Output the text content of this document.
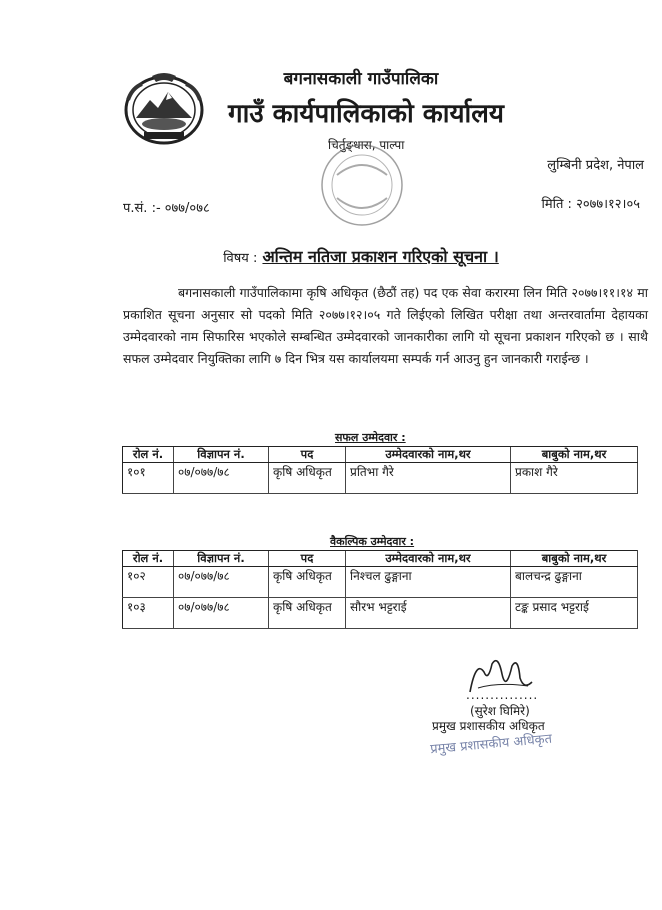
बगनासकाली गाउँपालिका
गाउँ कार्यपालिकाको कार्यालय
चिर्तुङ्धारा, पाल्पा
लुम्बिनी प्रदेश, नेपाल
प.सं. :- ०७७/०७८	मिति : २०७७।१२।०५
विषय : अन्तिम नतिजा प्रकाशन गरिएको सूचना ।
बगनासकाली गाउँपालिकामा कृषि अधिकृत (छैठौं तह) पद एक सेवा करारमा लिन मिति २०७७।११।१४ मा प्रकाशित सूचना अनुसार सो पदको मिति २०७७।१२।०५ गते लिईएको लिखित परीक्षा तथा अन्तरवार्तामा देहायका उम्मेदवारको नाम सिफारिस भएकोले सम्बन्धित उम्मेदवारको जानकारीका लागि यो सूचना प्रकाशन गरिएको छ । साथै सफल उम्मेदवार नियुक्तिका लागि ७ दिन भित्र यस कार्यालयमा सम्पर्क गर्न आउनु हुन जानकारी गराईन्छ ।
सफल उम्मेदवार :
रोल नं.	विज्ञापन नं.	पद	उम्मेदवारको नाम,थर	बाबुको नाम,थर
१०१	०७/०७७/७८	कृषि अधिकृत	प्रतिभा गैरे	प्रकाश गैरे
वैकल्पिक उम्मेदवार :
रोल नं.	विज्ञापन नं.	पद	उम्मेदवारको नाम,थर	बाबुको नाम,थर
१०२	०७/०७७/७८	कृषि अधिकृत	निश्चल ढुङ्गाना	बालचन्द्र ढुङ्गाना
१०३	०७/०७७/७८	कृषि अधिकृत	सौरभ भट्टराई	टङ्क प्रसाद भट्टराई
...............
(सुरेश घिमिरे)
प्रमुख प्रशासकीय अधिकृत
प्रमुख प्रशासकीय अधिकृत
